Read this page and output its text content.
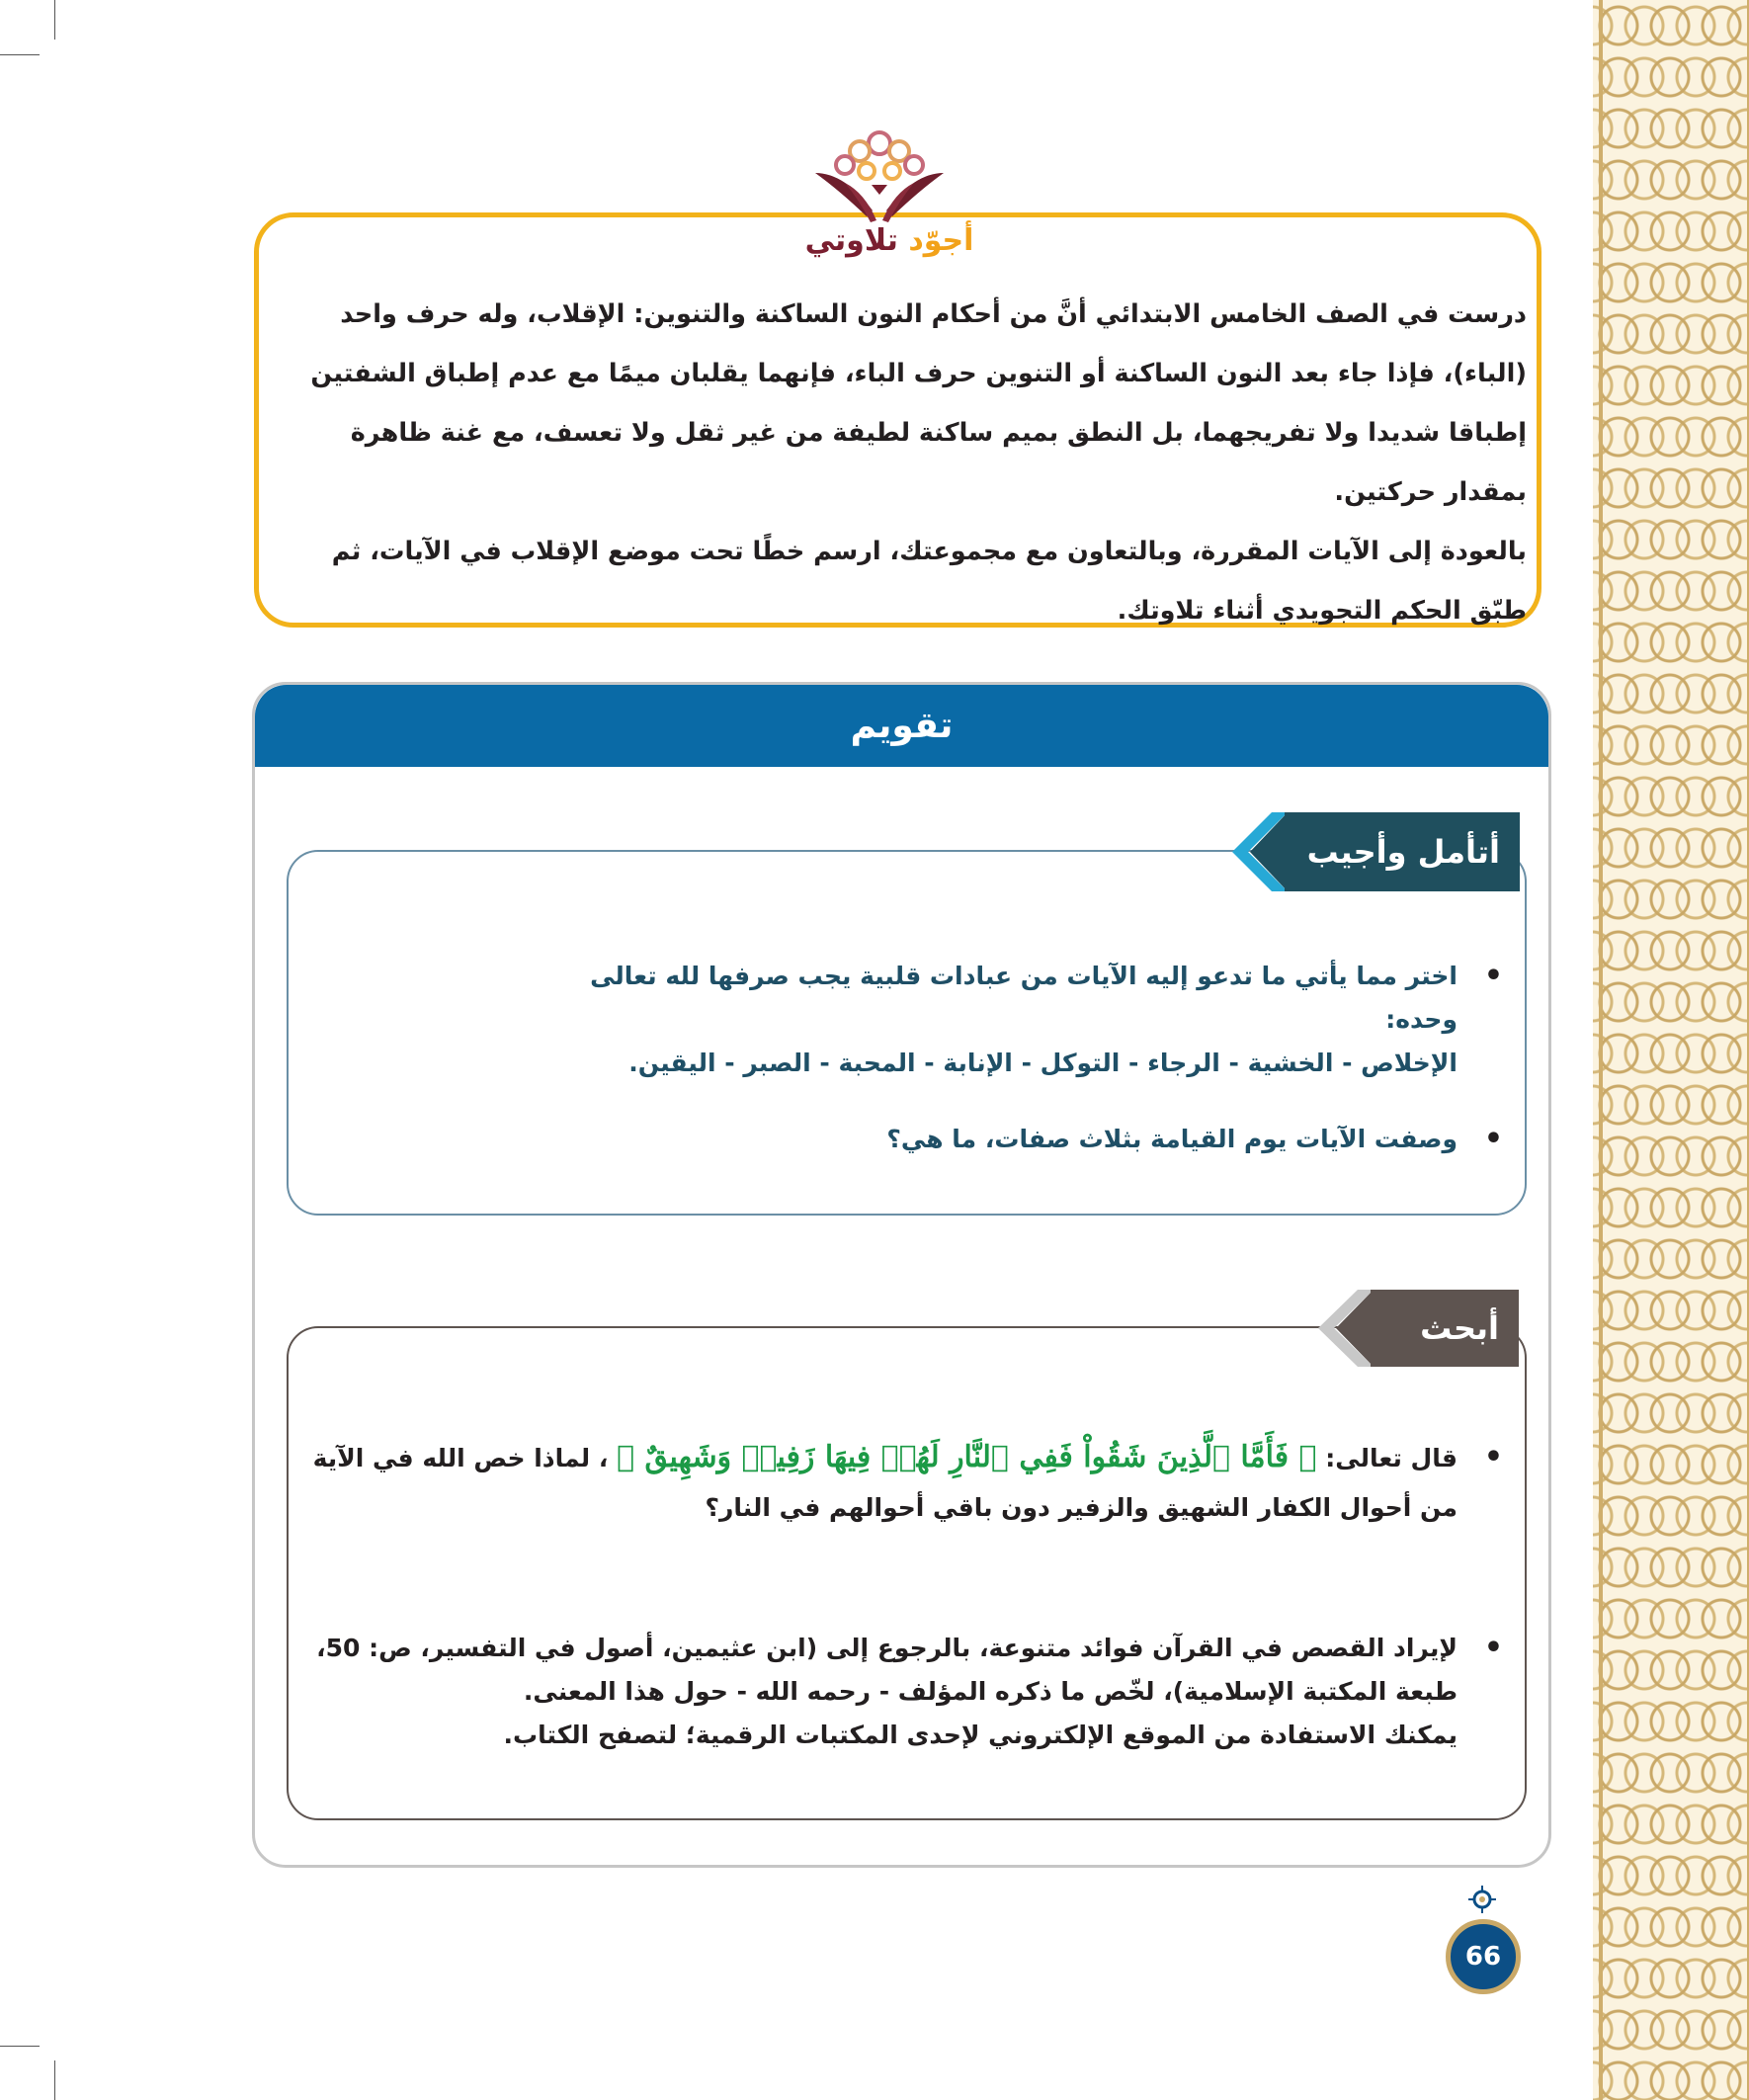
أجوّد تلاوتي

درست في الصف الخامس الابتدائي أنَّ من أحكام النون الساكنة والتنوين: الإقلاب، وله حرف واحد (الباء)، فإذا جاء بعد النون الساكنة أو التنوين حرف الباء، فإنهما يقلبان ميمًا مع عدم إطباق الشفتين إطباقا شديدا ولا تفريجهما، بل النطق بميم ساكنة لطيفة من غير ثقل ولا تعسف، مع غنة ظاهرة بمقدار حركتين.

بالعودة إلى الآيات المقررة، وبالتعاون مع مجموعتك، ارسم خطًا تحت موضع الإقلاب في الآيات، ثم طبّق الحكم التجويدي أثناء تلاوتك.

تقويم
أتأمل وأجيب
•
اختر مما يأتي ما تدعو إليه الآيات من عبادات قلبية يجب صرفها لله تعالى وحده:
الإخلاص - الخشية - الرجاء - التوكل - الإنابة - المحبة - الصبر - اليقين.
•
وصفت الآيات يوم القيامة بثلاث صفات، ما هي؟
أبحث
•
قال تعالى: ﴿ فَأَمَّا ٱلَّذِينَ شَقُواْ فَفِي ٱلنَّارِ لَهُمۡ فِيهَا زَفِيرٞ وَشَهِيقٌ ﴾ ، لماذا خص الله في الآية من أحوال الكفار الشهيق والزفير دون باقي أحوالهم في النار؟
•
لإيراد القصص في القرآن فوائد متنوعة، بالرجوع إلى (ابن عثيمين، أصول في التفسير، ص: 50، طبعة المكتبة الإسلامية)، لخّص ما ذكره المؤلف - رحمه الله - حول هذا المعنى.
يمكنك الاستفادة من الموقع الإلكتروني لإحدى المكتبات الرقمية؛ لتصفح الكتاب.
66
